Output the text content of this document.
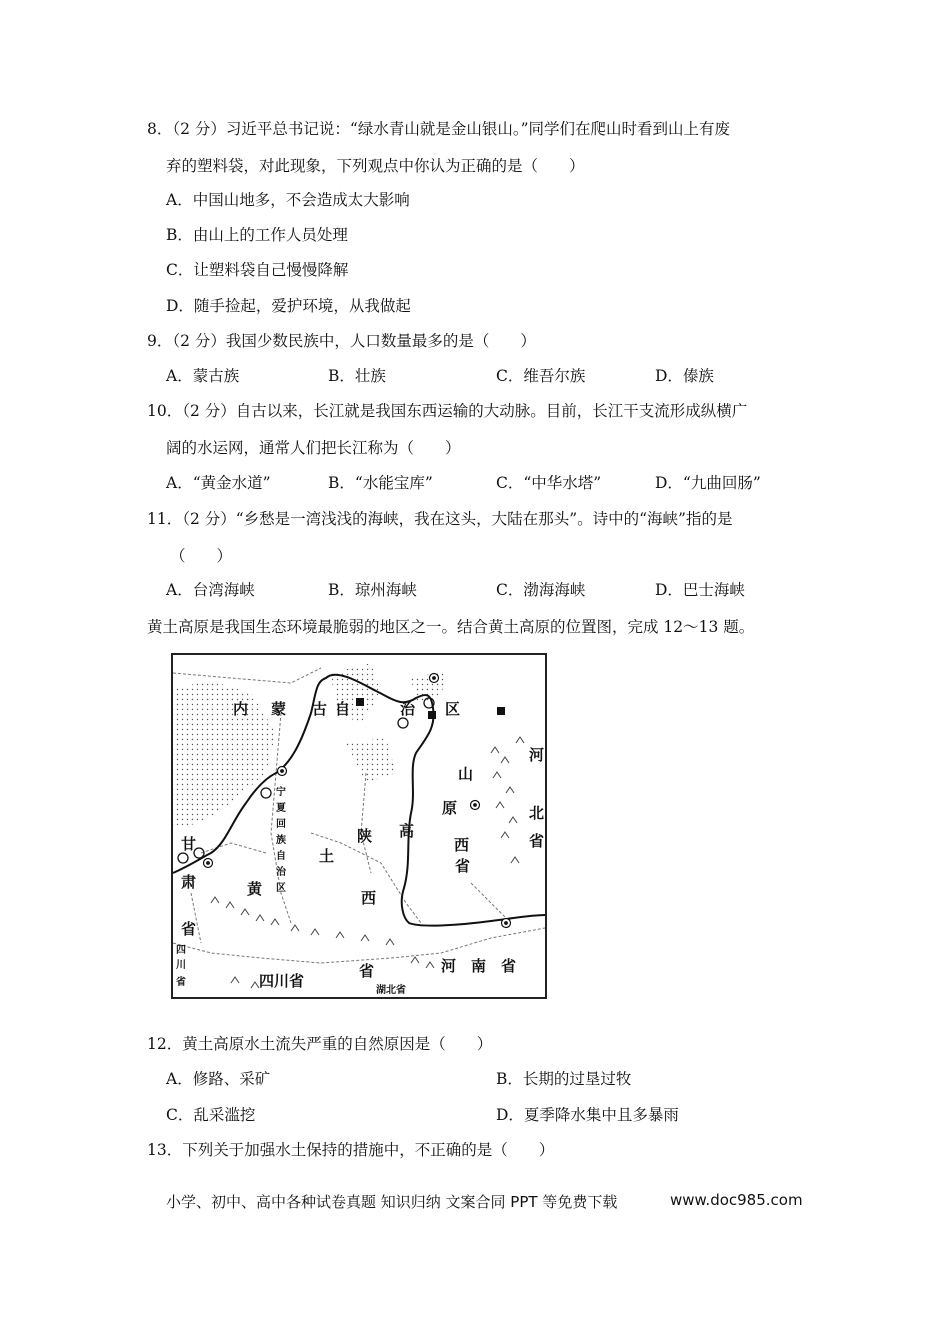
8．（2 分）习近平总书记说：“绿水青山就是金山银山。”同学们在爬山时看到山上有废
弃的塑料袋，对此现象，下列观点中你认为正确的是（　　）
A．中国山地多，不会造成太大影响
B．由山上的工作人员处理
C．让塑料袋自己慢慢降解
D．随手捡起，爱护环境，从我做起
9．（2 分）我国少数民族中，人口数量最多的是（　　）
A．蒙古族	B．壮族	C．维吾尔族	D．傣族
10．（2 分）自古以来，长江就是我国东西运输的大动脉。目前，长江干支流形成纵横广
阔的水运网，通常人们把长江称为（　　）
A．“黄金水道”	B．“水能宝库”	C．“中华水塔”	D．“九曲回肠”
11．（2 分）“乡愁是一湾浅浅的海峡，我在这头，大陆在那头”。诗中的“海峡”指的是
（　　）
A．台湾海峡	B．琼州海峡	C．渤海海峡	D．巴士海峡
黄土高原是我国生态环境最脆弱的地区之一。结合黄土高原的位置图，完成 12～13 题。
内 蒙 古 自	治 区
山
原
西
省
河
北
省
甘
肃
省
宁
夏
回
族
自
治
区
陕 高
土
西
黄
省
四
川
省	四川省
河　南　省
湖北省
12．黄土高原水土流失严重的自然原因是（　　）
A．修路、采矿	B．长期的过垦过牧
C．乱采滥挖	D．夏季降水集中且多暴雨
13．下列关于加强水土保持的措施中，不正确的是（　　）
小学、初中、高中各种试卷真题 知识归纳 文案合同 PPT 等免费下载	www.doc985.com
